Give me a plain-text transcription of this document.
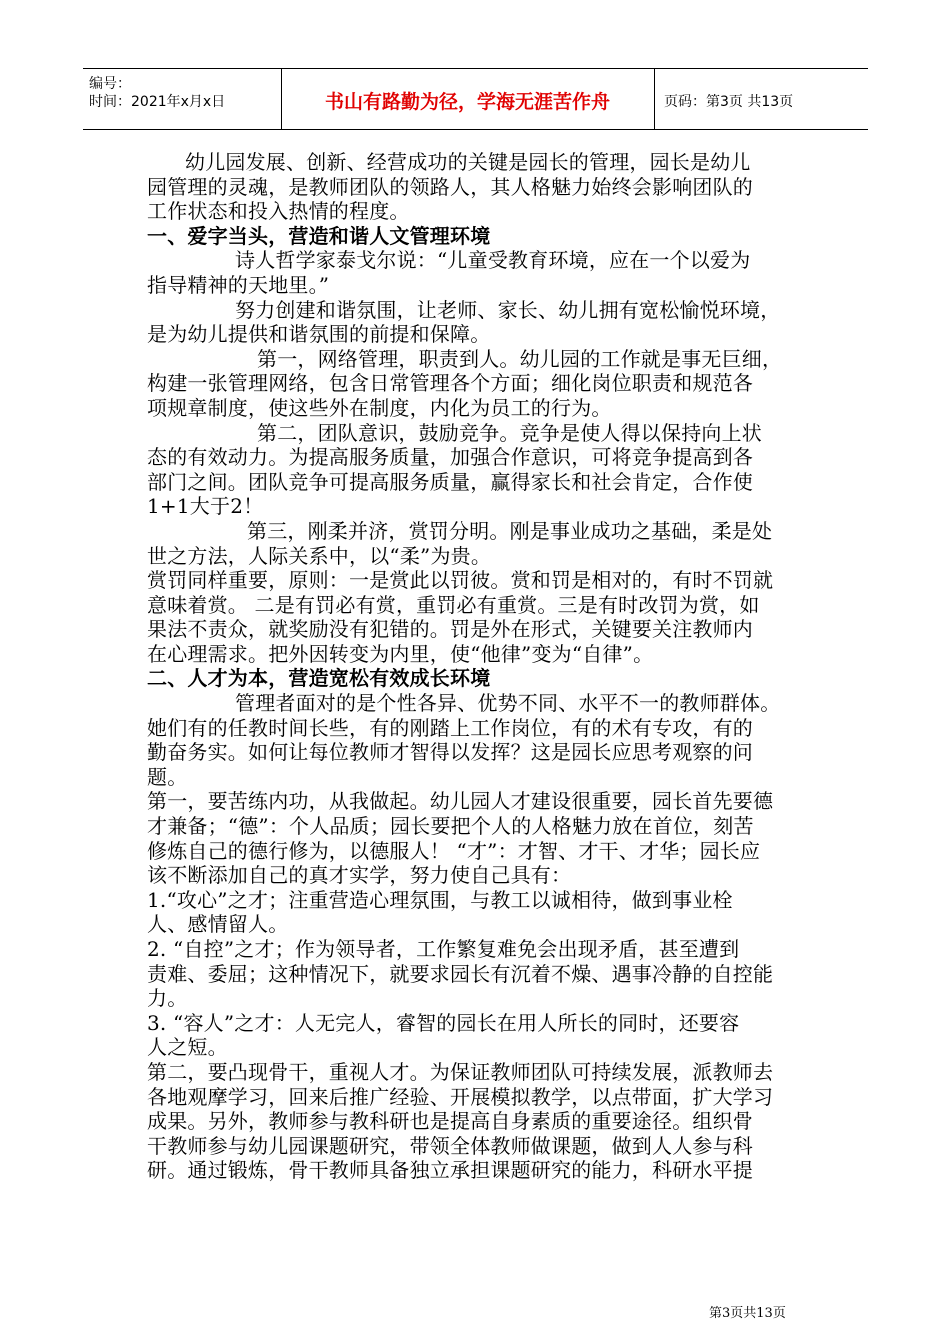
编号：
时间：2021年x月x日	书山有路勤为径，学海无涯苦作舟	页码：第3页 共13页
幼儿园发展、创新、经营成功的关键是园长的管理，园长是幼儿
园管理的灵魂，是教师团队的领路人，其人格魅力始终会影响团队的
工作状态和投入热情的程度。
一、爱字当头，营造和谐人文管理环境
诗人哲学家泰戈尔说：“儿童受教育环境，应在一个以爱为
指导精神的天地里。”
努力创建和谐氛围，让老师、家长、幼儿拥有宽松愉悦环境，
是为幼儿提供和谐氛围的前提和保障。
第一，网络管理，职责到人。幼儿园的工作就是事无巨细，
构建一张管理网络，包含日常管理各个方面；细化岗位职责和规范各
项规章制度，使这些外在制度，内化为员工的行为。
第二，团队意识，鼓励竞争。竞争是使人得以保持向上状
态的有效动力。为提高服务质量，加强合作意识，可将竞争提高到各
部门之间。团队竞争可提高服务质量，赢得家长和社会肯定，合作使
1+1大于2！
第三，刚柔并济，赏罚分明。刚是事业成功之基础，柔是处
世之方法，人际关系中，以“柔”为贵。
赏罚同样重要，原则：一是赏此以罚彼。赏和罚是相对的，有时不罚就
意味着赏。 二是有罚必有赏，重罚必有重赏。三是有时改罚为赏，如
果法不责众，就奖励没有犯错的。罚是外在形式，关键要关注教师内
在心理需求。把外因转变为内里，使“他律”变为“自律”。
二、人才为本，营造宽松有效成长环境
管理者面对的是个性各异、优势不同、水平不一的教师群体。
她们有的任教时间长些，有的刚踏上工作岗位，有的术有专攻，有的
勤奋务实。如何让每位教师才智得以发挥？这是园长应思考观察的问
题。
第一，要苦练内功，从我做起。幼儿园人才建设很重要，园长首先要德
才兼备；“德”：个人品质；园长要把个人的人格魅力放在首位，刻苦
修炼自己的德行修为，以德服人！ “才”：才智、才干、才华；园长应
该不断添加自己的真才实学，努力使自己具有：
1.“攻心”之才；注重营造心理氛围，与教工以诚相待，做到事业栓
人、感情留人。
2. “自控”之才；作为领导者，工作繁复难免会出现矛盾，甚至遭到
责难、委屈；这种情况下，就要求园长有沉着不燥、遇事冷静的自控能
力。
3. “容人”之才：人无完人，睿智的园长在用人所长的同时，还要容
人之短。
第二，要凸现骨干，重视人才。为保证教师团队可持续发展，派教师去
各地观摩学习，回来后推广经验、开展模拟教学，以点带面，扩大学习
成果。另外，教师参与教科研也是提高自身素质的重要途径。组织骨
干教师参与幼儿园课题研究，带领全体教师做课题，做到人人参与科
研。通过锻炼，骨干教师具备独立承担课题研究的能力，科研水平提
第3页共13页
